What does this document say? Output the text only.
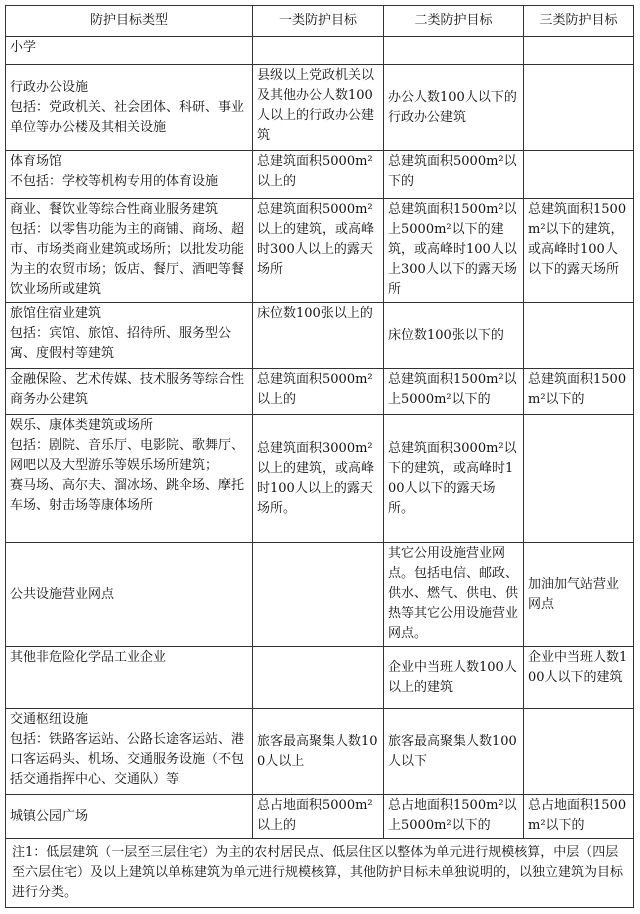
防护目标类型	一类防护目标	二类防护目标	三类防护目标

小学			

行政办公设施
包括：党政机关、社会团体、科研、事业单位等办公楼及其相关设施	县级以上党政机关以及其他办公人数100人以上的行政办公建筑	办公人数100人以下的行政办公建筑	

体育场馆
不包括：学校等机构专用的体育设施	总建筑面积5000m²以上的	总建筑面积5000m²以下的	

商业、餐饮业等综合性商业服务建筑
包括：以零售功能为主的商铺、商场、超市、市场类商业建筑或场所；以批发功能为主的农贸市场；饭店、餐厅、酒吧等餐饮业场所或建筑	总建筑面积5000m²以上的建筑，或高峰时300人以上的露天场所	总建筑面积1500m²以上5000m²以下的建筑，或高峰时100人以上300人以下的露天场所	总建筑面积1500m²以下的建筑，或高峰时100人以下的露天场所

旅馆住宿业建筑
包括：宾馆、旅馆、招待所、服务型公寓、度假村等建筑	床位数100张以上的	床位数100张以下的	

金融保险、艺术传媒、技术服务等综合性商务办公建筑	总建筑面积5000m²以上的	总建筑面积1500m²以上5000m²以下的	总建筑面积1500m²以下的

娱乐、康体类建筑或场所
包括：剧院、音乐厅、电影院、歌舞厅、网吧以及大型游乐等娱乐场所建筑；
赛马场、高尔夫、溜冰场、跳伞场、摩托车场、射击场等康体场所	总建筑面积3000m²以上的建筑，或高峰时100人以上的露天场所。	总建筑面积3000m²以下的建筑，或高峰时100人以下的露天场所。	

公共设施营业网点		其它公用设施营业网点。包括电信、邮政、供水、燃气、供电、供热等其它公用设施营业网点。	加油加气站营业网点

其他非危险化学品工业企业		企业中当班人数100人以上的建筑	企业中当班人数100人以下的建筑

交通枢纽设施
包括：铁路客运站、公路长途客运站、港口客运码头、机场、交通服务设施（不包括交通指挥中心、交通队）等	旅客最高聚集人数100人以上	旅客最高聚集人数100人以下	

城镇公园广场	总占地面积5000m²以上的	总占地面积1500m²以上5000m²以下的	总占地面积1500m²以下的
注1：低层建筑（一层至三层住宅）为主的农村居民点、低层住区以整体为单元进行规模核算，中层（四层至六层住宅）及以上建筑以单栋建筑为单元进行规模核算，其他防护目标未单独说明的，以独立建筑为目标进行分类。			
